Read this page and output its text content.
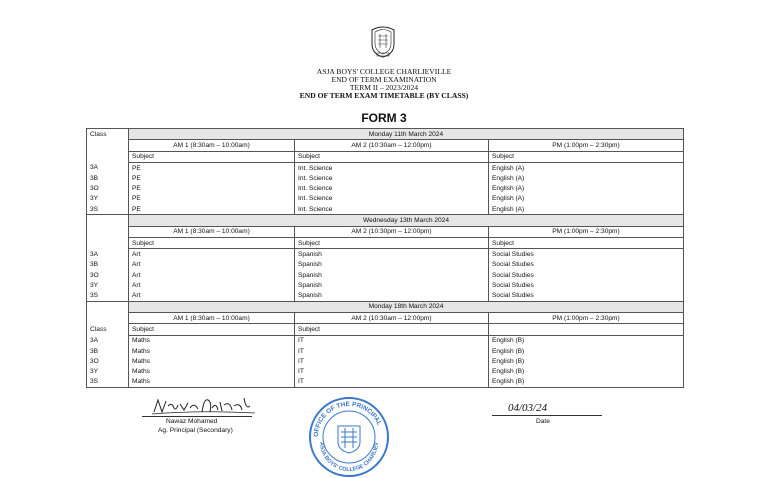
ASJA BOYS' COLLEGE CHARLIEVILLE
END OF TERM EXAMINATION
TERM II – 2023/2024
END OF TERM EXAM TIMETABLE (BY CLASS)
FORM 3
Class	Monday 11th March 2024		
	AM 1 (8:30am – 10:00am)	AM 2 (10:30am – 12:00pm)	PM (1:00pm – 2:30pm)
	Subject	Subject	Subject
3A	PE	Int. Science	English (A)
3B	PE	Int. Science	English (A)
3O	PE	Int. Science	English (A)
3Y	PE	Int. Science	English (A)
3S	PE	Int. Science	English (A)
	Wednesday 13th March 2024		
	AM 1 (8:30am – 10:00am)	AM 2 (10:30pm – 12:00pm)	PM (1:00pm – 2:30pm)
	Subject	Subject	Subject
3A	Art	Spanish	Social Studies
3B	Art	Spanish	Social Studies
3O	Art	Spanish	Social Studies
3Y	Art	Spanish	Social Studies
3S	Art	Spanish	Social Studies
	Monday 18th March 2024		
	AM 1 (8:30am – 10:00am)	AM 2 (10:30am – 12:00pm)	PM (1:00pm – 2:30pm)
Class	Subject	Subject	
3A	Maths	IT	English (B)
3B	Maths	IT	English (B)
3O	Maths	IT	English (B)
3Y	Maths	IT	English (B)
3S	Maths	IT	English (B)
Nawaz Mohamed
Ag. Principal (Secondary)
04/03/24
Date
OFFICE OF THE PRINCIPAL
ASJA BOYS' COLLEGE CHARLIEV
